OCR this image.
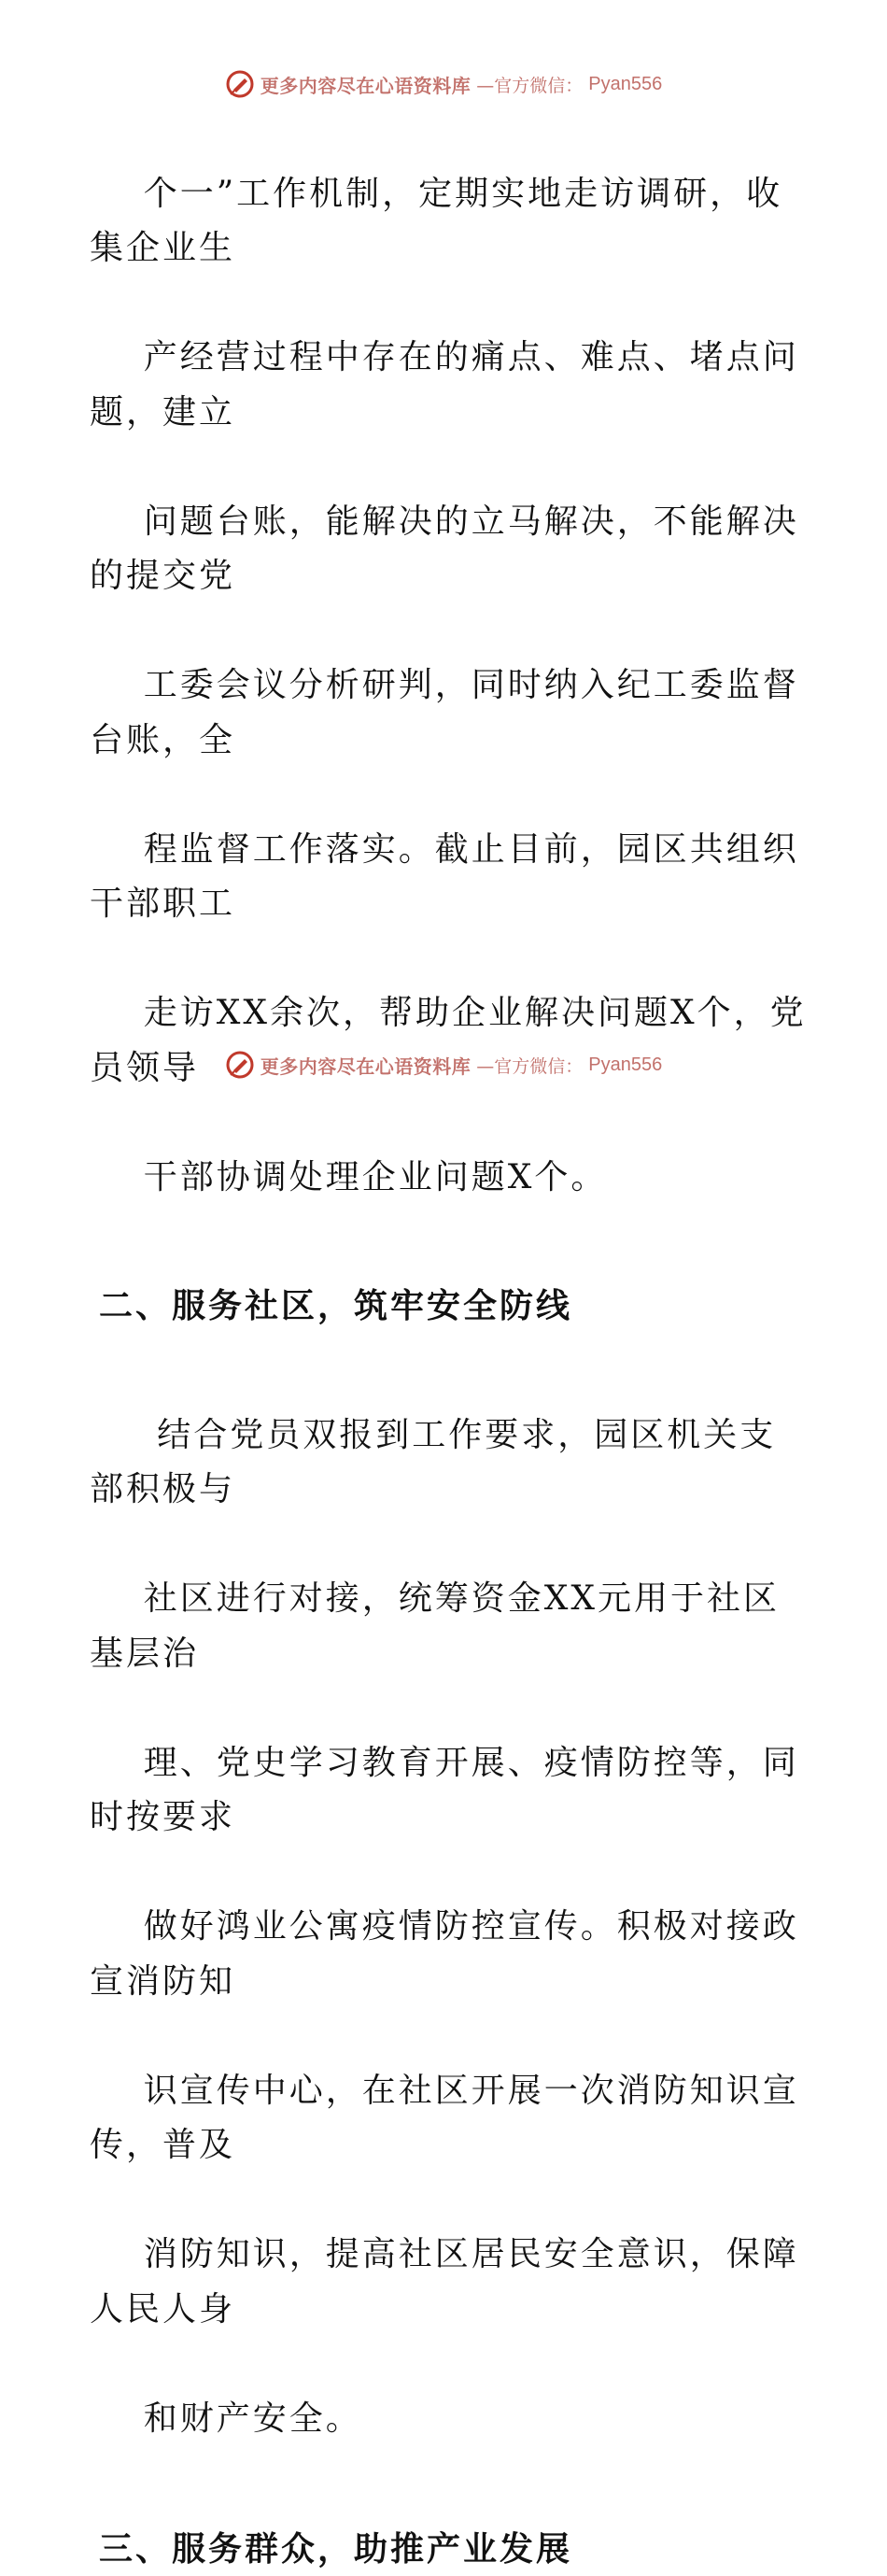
更多内容尽在心语资料库 —官方微信： Pyan556

个一”工作机制，定期实地走访调研，收集企业生

产经营过程中存在的痛点、难点、堵点问题，建立

问题台账，能解决的立马解决，不能解决的提交党

工委会议分析研判，同时纳入纪工委监督台账，全

程监督工作落实。截止目前，园区共组织干部职工

走访XX余次，帮助企业解决问题X个，党员领导

干部协调处理企业问题X个。

二、服务社区，筑牢安全防线

结合党员双报到工作要求，园区机关支部积极与

社区进行对接，统筹资金XX元用于社区基层治

理、党史学习教育开展、疫情防控等，同时按要求

做好鸿业公寓疫情防控宣传。积极对接政宣消防知

识宣传中心，在社区开展一次消防知识宣传，普及

消防知识，提高社区居民安全意识，保障人民人身

和财产安全。

三、服务群众，助推产业发展
更多内容尽在心语资料库 —官方微信： Pyan556
